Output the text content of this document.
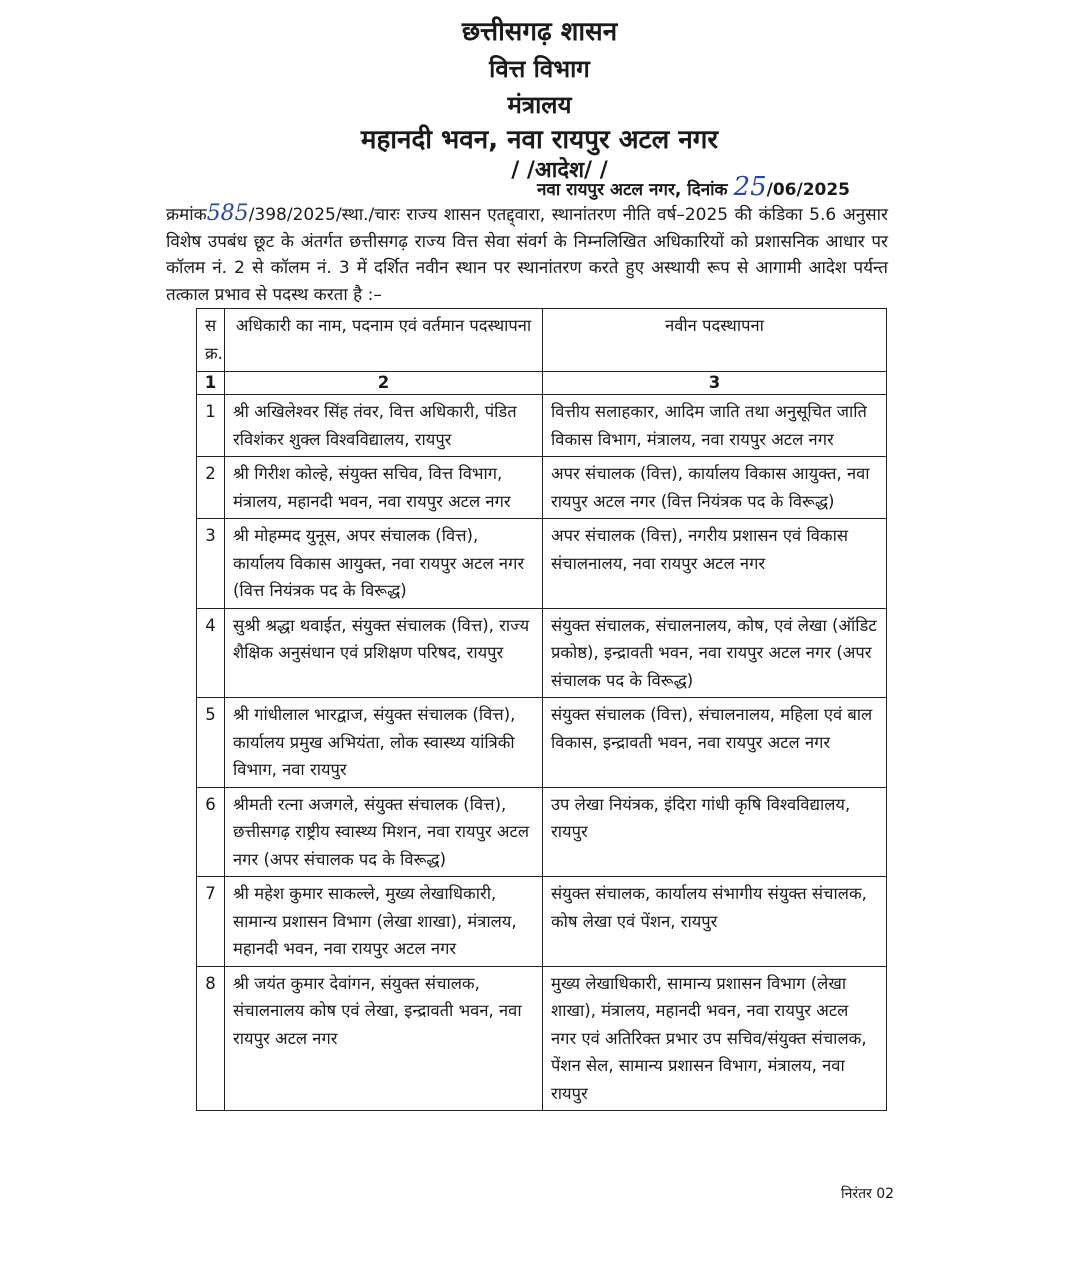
छत्तीसगढ़ शासन
वित्त विभाग
मंत्रालय
महानदी भवन, नवा रायपुर अटल नगर
/ /आदेश/ /
नवा रायपुर अटल नगर, दिनांक 25/06/2025
क्रमांक585/398/2025/स्था./चारः राज्य शासन एतद्द्वारा, स्थानांतरण नीति वर्ष–2025 की कंडिका 5.6 अनुसार विशेष उपबंध छूट के अंतर्गत छत्तीसगढ़ राज्य वित्त सेवा संवर्ग के निम्नलिखित अधिकारियों को प्रशासनिक आधार पर कॉलम नं. 2 से कॉलम नं. 3 में दर्शित नवीन स्थान पर स्थानांतरण करते हुए अस्थायी रूप से आगामी आदेश पर्यन्त तत्काल प्रभाव से पदस्थ करता है :–
स क्र.	अधिकारी का नाम, पदनाम एवं वर्तमान पदस्थापना	नवीन पदस्थापना
1	2	3
1	श्री अखिलेश्वर सिंह तंवर, वित्त अधिकारी, पंडित रविशंकर शुक्ल विश्वविद्यालय, रायपुर	वित्तीय सलाहकार, आदिम जाति तथा अनुसूचित जाति विकास विभाग, मंत्रालय, नवा रायपुर अटल नगर
2	श्री गिरीश कोल्हे, संयुक्त सचिव, वित्त विभाग, मंत्रालय, महानदी भवन, नवा रायपुर अटल नगर	अपर संचालक (वित्त), कार्यालय विकास आयुक्त, नवा रायपुर अटल नगर (वित्त नियंत्रक पद के विरूद्ध)
3	श्री मोहम्मद युनूस, अपर संचालक (वित्त), कार्यालय विकास आयुक्त, नवा रायपुर अटल नगर (वित्त नियंत्रक पद के विरूद्ध)	अपर संचालक (वित्त), नगरीय प्रशासन एवं विकास संचालनालय, नवा रायपुर अटल नगर
4	सुश्री श्रद्धा थवाईत, संयुक्त संचालक (वित्त), राज्य शैक्षिक अनुसंधान एवं प्रशिक्षण परिषद, रायपुर	संयुक्त संचालक, संचालनालय, कोष, एवं लेखा (ऑडिट प्रकोष्ठ), इन्द्रावती भवन, नवा रायपुर अटल नगर (अपर संचालक पद के विरूद्ध)
5	श्री गांधीलाल भारद्वाज, संयुक्त संचालक (वित्त), कार्यालय प्रमुख अभियंता, लोक स्वास्थ्य यांत्रिकी विभाग, नवा रायपुर	संयुक्त संचालक (वित्त), संचालनालय, महिला एवं बाल विकास, इन्द्रावती भवन, नवा रायपुर अटल नगर
6	श्रीमती रत्ना अजगले, संयुक्त संचालक (वित्त), छत्तीसगढ़ राष्ट्रीय स्वास्थ्य मिशन, नवा रायपुर अटल नगर (अपर संचालक पद के विरूद्ध)	उप लेखा नियंत्रक, इंदिरा गांधी कृषि विश्वविद्यालय, रायपुर
7	श्री महेश कुमार साकल्ले, मुख्य लेखाधिकारी, सामान्य प्रशासन विभाग (लेखा शाखा), मंत्रालय, महानदी भवन, नवा रायपुर अटल नगर	संयुक्त संचालक, कार्यालय संभागीय संयुक्त संचालक, कोष लेखा एवं पेंशन, रायपुर
8	श्री जयंत कुमार देवांगन, संयुक्त संचालक, संचालनालय कोष एवं लेखा, इन्द्रावती भवन, नवा रायपुर अटल नगर	मुख्य लेखाधिकारी, सामान्य प्रशासन विभाग (लेखा शाखा), मंत्रालय, महानदी भवन, नवा रायपुर अटल नगर एवं अतिरिक्त प्रभार उप सचिव/संयुक्त संचालक, पेंशन सेल, सामान्य प्रशासन विभाग, मंत्रालय, नवा रायपुर
निरंतर 02
